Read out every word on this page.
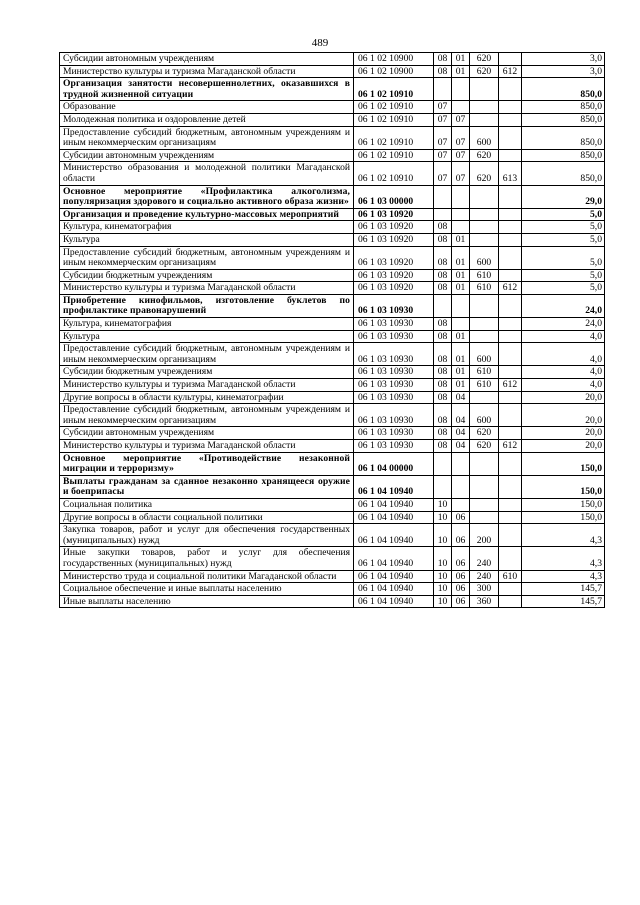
489
Субсидии автономным учреждениям	06 1 02 10900	08	01	620		3,0
Министерство культуры и туризма Магаданской области	06 1 02 10900	08	01	620	612	3,0
Организация занятости несовершеннолетних, оказавшихся в трудной жизненной ситуации	06 1 02 10910					850,0
Образование	06 1 02 10910	07				850,0
Молодежная политика и оздоровление детей	06 1 02 10910	07	07			850,0
Предоставление субсидий бюджетным, автономным учреждениям и иным некоммерческим организациям	06 1 02 10910	07	07	600		850,0
Субсидии автономным учреждениям	06 1 02 10910	07	07	620		850,0
Министерство образования и молодежной политики Магаданской области	06 1 02 10910	07	07	620	613	850,0
Основное мероприятие «Профилактика алкоголизма, популяризация здорового и социально активного образа жизни»	06 1 03 00000					29,0
Организация и проведение культурно-массовых мероприятий	06 1 03 10920					5,0
Культура, кинематография	06 1 03 10920	08				5,0
Культура	06 1 03 10920	08	01			5,0
Предоставление субсидий бюджетным, автономным учреждениям и иным некоммерческим организациям	06 1 03 10920	08	01	600		5,0
Субсидии бюджетным учреждениям	06 1 03 10920	08	01	610		5,0
Министерство культуры и туризма Магаданской области	06 1 03 10920	08	01	610	612	5,0
Приобретение кинофильмов, изготовление буклетов по профилактике правонарушений	06 1 03 10930					24,0
Культура, кинематография	06 1 03 10930	08				24,0
Культура	06 1 03 10930	08	01			4,0
Предоставление субсидий бюджетным, автономным учреждениям и иным некоммерческим организациям	06 1 03 10930	08	01	600		4,0
Субсидии бюджетным учреждениям	06 1 03 10930	08	01	610		4,0
Министерство культуры и туризма Магаданской области	06 1 03 10930	08	01	610	612	4,0
Другие вопросы в области культуры, кинематографии	06 1 03 10930	08	04			20,0
Предоставление субсидий бюджетным, автономным учреждениям и иным некоммерческим организациям	06 1 03 10930	08	04	600		20,0
Субсидии автономным учреждениям	06 1 03 10930	08	04	620		20,0
Министерство культуры и туризма Магаданской области	06 1 03 10930	08	04	620	612	20,0
Основное мероприятие «Противодействие незаконной миграции и терроризму»	06 1 04 00000					150,0
Выплаты гражданам за сданное незаконно хранящееся оружие и боеприпасы	06 1 04 10940					150,0
Социальная политика	06 1 04 10940	10				150,0
Другие вопросы в области социальной политики	06 1 04 10940	10	06			150,0
Закупка товаров, работ и услуг для обеспечения государственных (муниципальных) нужд	06 1 04 10940	10	06	200		4,3
Иные закупки товаров, работ и услуг для обеспечения государственных (муниципальных) нужд	06 1 04 10940	10	06	240		4,3
Министерство труда и социальной политики Магаданской области	06 1 04 10940	10	06	240	610	4,3
Социальное обеспечение и иные выплаты населению	06 1 04 10940	10	06	300		145,7
Иные выплаты населению	06 1 04 10940	10	06	360		145,7
